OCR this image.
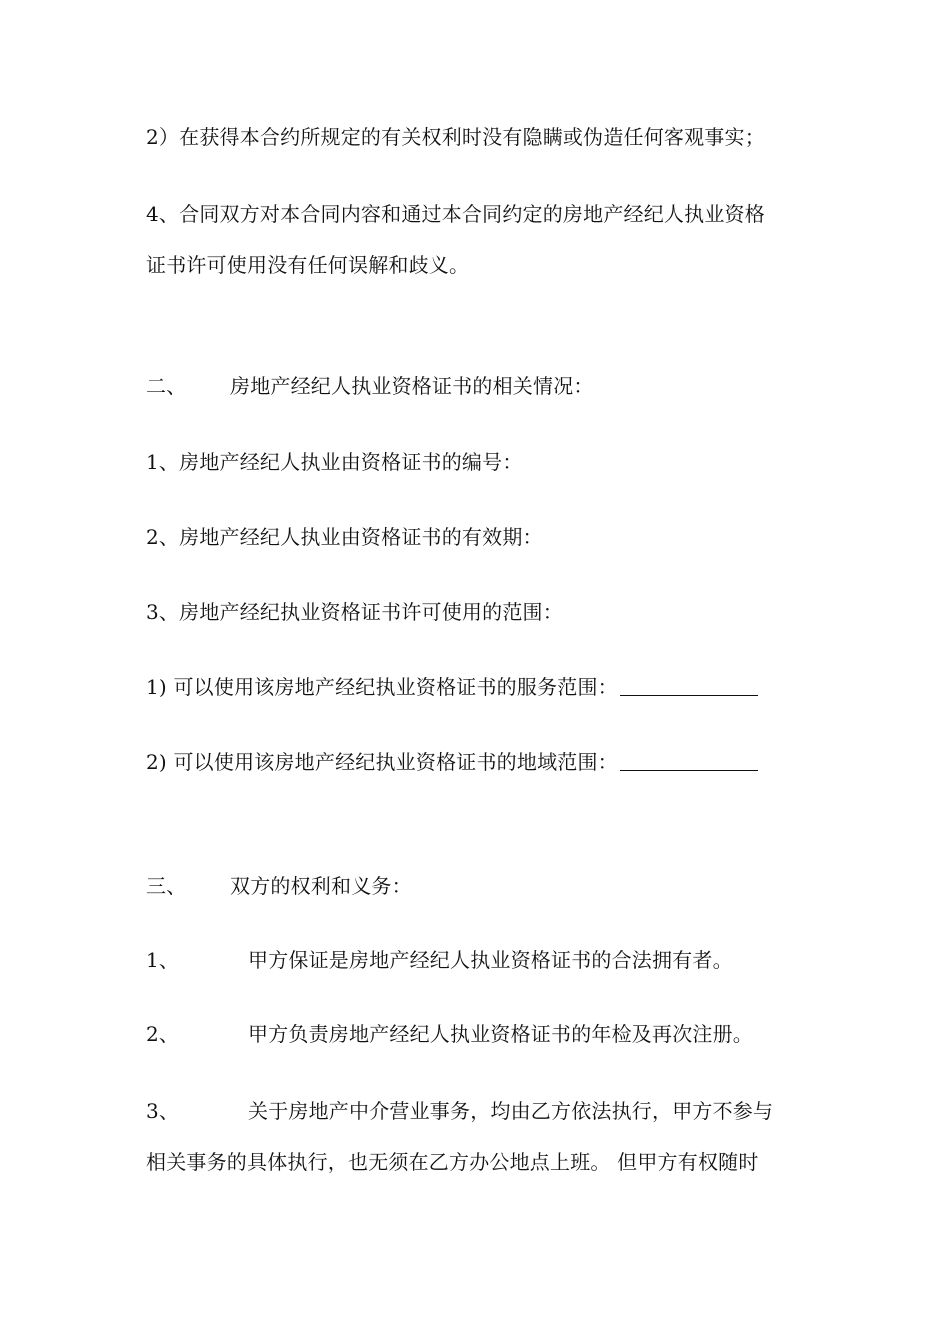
2）在获得本合约所规定的有关权利时没有隐瞒或伪造任何客观事实；
4、合同双方对本合同内容和通过本合同约定的房地产经纪人执业资格
证书许可使用没有任何误解和歧义。
二、 房地产经纪人执业资格证书的相关情况：
1、房地产经纪人执业由资格证书的编号：
2、房地产经纪人执业由资格证书的有效期：
3、房地产经纪执业资格证书许可使用的范围：
1) 可以使用该房地产经纪执业资格证书的服务范围：
2) 可以使用该房地产经纪执业资格证书的地域范围：
三、 双方的权利和义务：
1、	甲方保证是房地产经纪人执业资格证书的合法拥有者。
2、	甲方负责房地产经纪人执业资格证书的年检及再次注册。
3、	关于房地产中介营业事务，均由乙方依法执行，甲方不参与
相关事务的具体执行，也无须在乙方办公地点上班。 但甲方有权随时
